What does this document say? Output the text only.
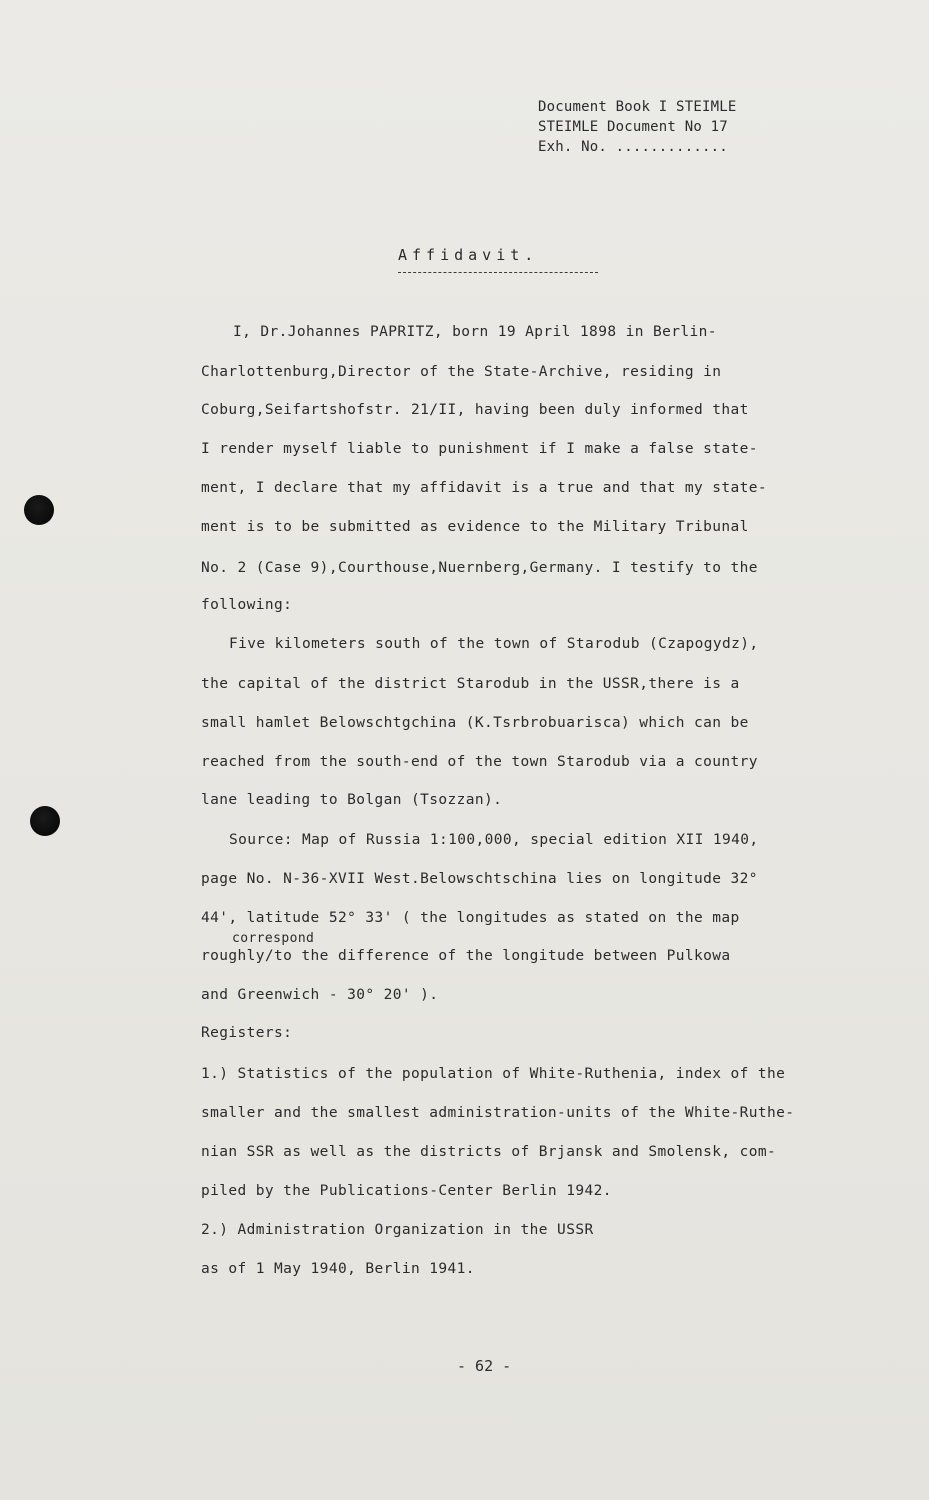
Document Book I STEIMLE
STEIMLE Document No 17
Exh. No. .............
Affidavit.
I, Dr.Johannes PAPRITZ, born 19 April 1898 in Berlin-
Charlottenburg,Director of the State-Archive, residing in
Coburg,Seifartshofstr. 21/II, having been duly informed that
I render myself liable to punishment if I make a false state-
ment, I declare that my affidavit is a true and that my state-
ment is to be submitted as evidence to the Military Tribunal
No. 2 (Case 9),Courthouse,Nuernberg,Germany. I testify to the
following:
Five kilometers south of the town of Starodub (Czapogydz),
the capital of the district Starodub in the USSR,there is a
small hamlet Belowschtgchina (K.Tsrbrobuarisca) which can be
reached from the south-end of the town Starodub via a country
lane leading to Bolgan (Tsozzan).
Source: Map of Russia 1:100,000, special edition XII 1940,
page No. N-36-XVII West.Belowschtschina lies on longitude 32°
44', latitude 52° 33' ( the longitudes as stated on the map
correspond
roughly/to the difference of the longitude between Pulkowa
and Greenwich - 30° 20' ).
Registers:
1.) Statistics of the population of White-Ruthenia, index of the
smaller and the smallest administration-units of the White-Ruthe-
nian SSR as well as the districts of Brjansk and Smolensk, com-
piled by the Publications-Center Berlin 1942.
2.) Administration Organization in the USSR
as of 1 May 1940, Berlin 1941.
- 62 -
